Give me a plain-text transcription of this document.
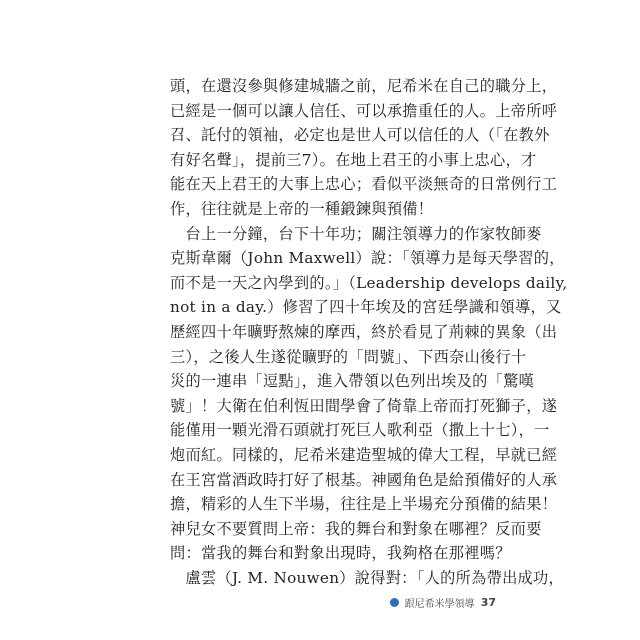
頭，在還沒參與修建城牆之前，尼希米在自己的職分上，
已經是一個可以讓人信任、可以承擔重任的人。上帝所呼
召、託付的領袖，必定也是世人可以信任的人（「在教外
有好名聲」，提前三7）。在地上君王的小事上忠心，才
能在天上君王的大事上忠心；看似平淡無奇的日常例行工
作，往往就是上帝的一種鍛鍊與預備！
　台上一分鐘，台下十年功；關注領導力的作家牧師麥
克斯韋爾（John Maxwell）說：「領導力是每天學習的，
而不是一天之內學到的。」（Leadership develops daily,
not in a day.）修習了四十年埃及的宮廷學識和領導，又
歷經四十年曠野熬煉的摩西，終於看見了荊棘的異象（出
三），之後人生遂從曠野的「問號」、下西奈山後行十
災的一連串「逗點」，進入帶領以色列出埃及的「驚嘆
號」！大衛在伯利恆田間學會了倚靠上帝而打死獅子，遂
能僅用一顆光滑石頭就打死巨人歌利亞（撒上十七），一
炮而紅。同樣的，尼希米建造聖城的偉大工程，早就已經
在王宮當酒政時打好了根基。神國角色是給預備好的人承
擔，精彩的人生下半場，往往是上半場充分預備的結果！
神兒女不要質問上帝：我的舞台和對象在哪裡？反而要
問：當我的舞台和對象出現時，我夠格在那裡嗎？
　盧雲（J. M. Nouwen）說得對：「人的所為帶出成功，
跟尼希米學領導 37
